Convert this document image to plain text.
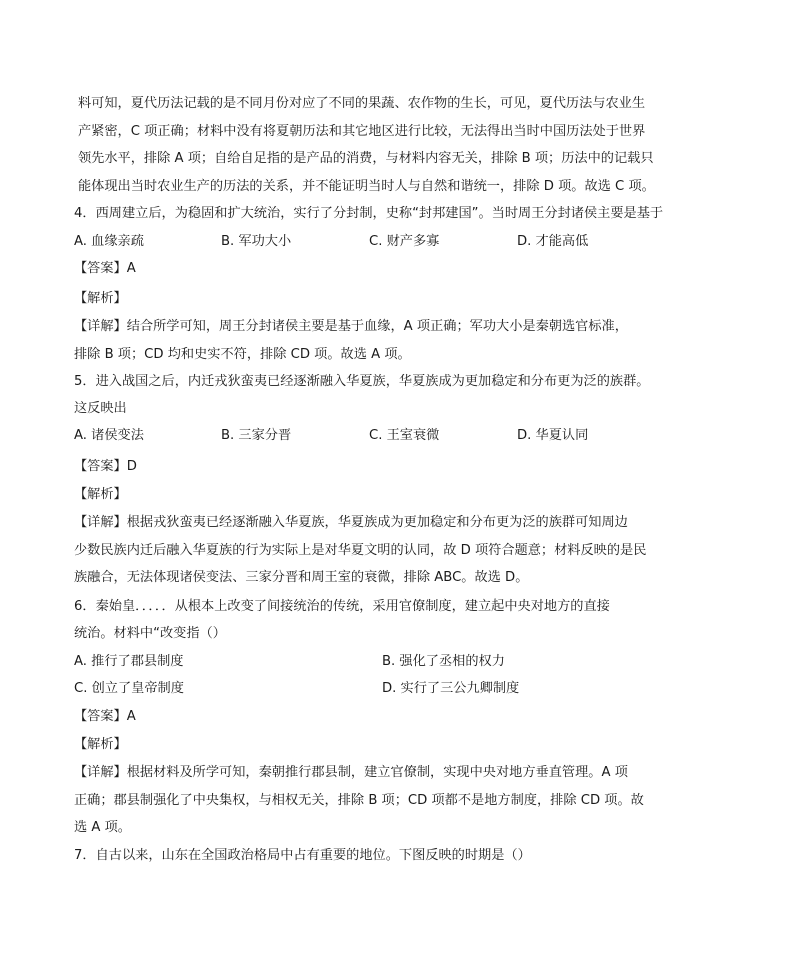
料可知，夏代历法记载的是不同月份对应了不同的果蔬、农作物的生长，可见，夏代历法与农业生
产紧密，C 项正确；材料中没有将夏朝历法和其它地区进行比较，无法得出当时中国历法处于世界
领先水平，排除 A 项；自给自足指的是产品的消费，与材料内容无关，排除 B 项；历法中的记载只
能体现出当时农业生产的历法的关系，并不能证明当时人与自然和谐统一，排除 D 项。故选 C 项。
4．西周建立后，为稳固和扩大统治，实行了分封制，史称“封邦建国”。当时周王分封诸侯主要是基于
A. 血缘亲疏	B. 军功大小	C. 财产多寡	D. 才能高低
【答案】A
【解析】
【详解】结合所学可知，周王分封诸侯主要是基于血缘，A 项正确；军功大小是秦朝选官标准，
排除 B 项；CD 均和史实不符，排除 CD 项。故选 A 项。
5．进入战国之后，内迁戎狄蛮夷已经逐渐融入华夏族，华夏族成为更加稳定和分布更为泛的族群。
这反映出
A. 诸侯变法	B. 三家分晋	C. 王室衰微	D. 华夏认同
【答案】D
【解析】
【详解】根据戎狄蛮夷已经逐渐融入华夏族，华夏族成为更加稳定和分布更为泛的族群可知周边
少数民族内迁后融入华夏族的行为实际上是对华夏文明的认同，故 D 项符合题意；材料反映的是民
族融合，无法体现诸侯变法、三家分晋和周王室的衰微，排除 ABC。故选 D。
6．秦始皇．．．．．从根本上改变了间接统治的传统，采用官僚制度，建立起中央对地方的直接
统治。材料中“改变指（）
A. 推行了郡县制度	B. 强化了丞相的权力
C. 创立了皇帝制度	D. 实行了三公九卿制度
【答案】A
【解析】
【详解】根据材料及所学可知，秦朝推行郡县制，建立官僚制，实现中央对地方垂直管理。A 项
正确；郡县制强化了中央集权，与相权无关，排除 B 项；CD 项都不是地方制度，排除 CD 项。故
选 A 项。
7．自古以来，山东在全国政治格局中占有重要的地位。下图反映的时期是（）
